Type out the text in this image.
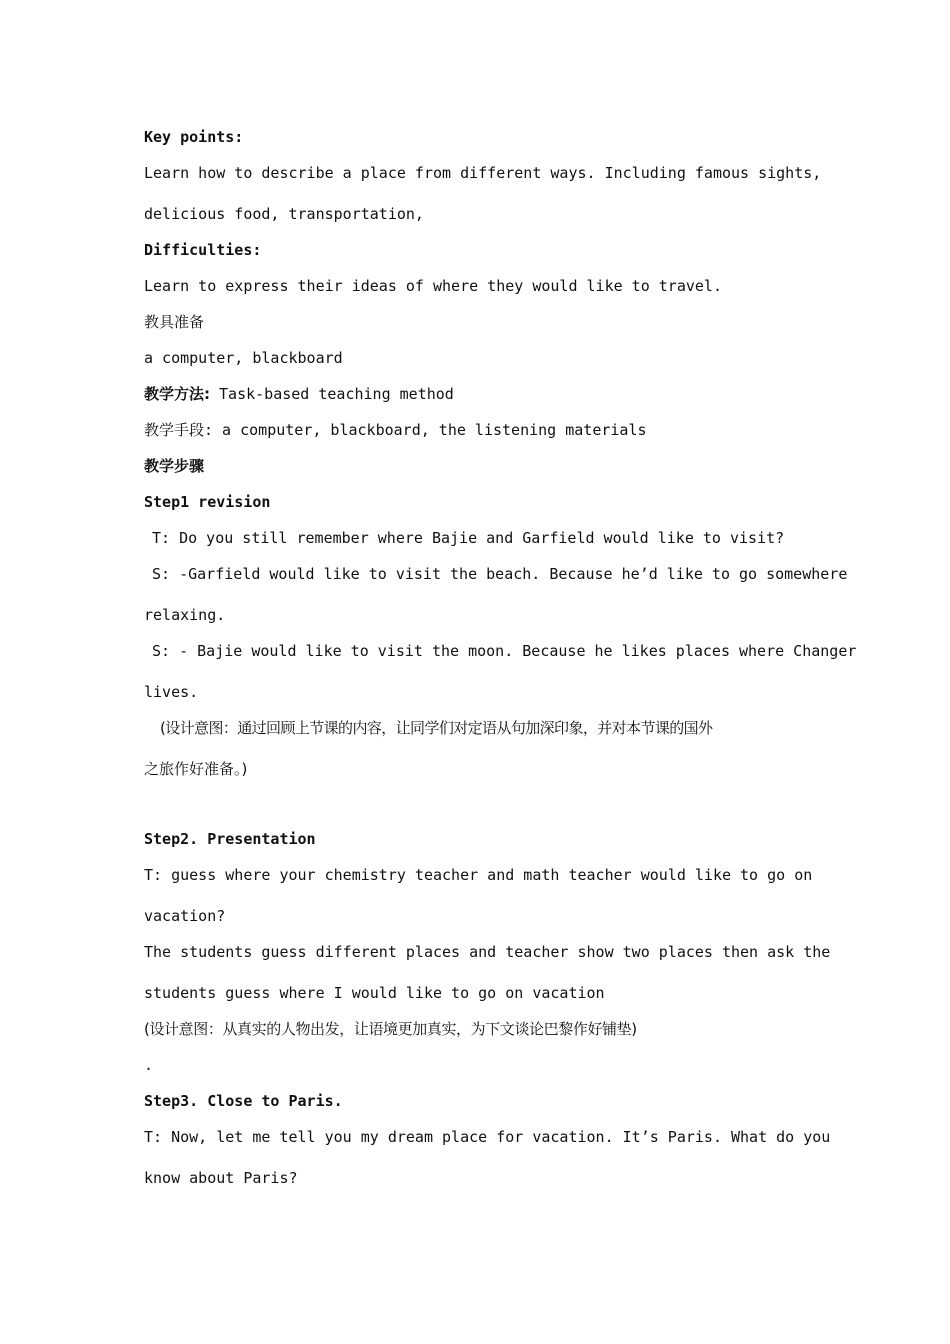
Key points:
Learn how to describe a place from different ways. Including famous sights,
delicious food, transportation,
Difficulties:
Learn to express their ideas of where they would like to travel.
教具准备
a computer, blackboard
教学方法: Task-based teaching method
教学手段: a computer, blackboard, the listening materials
教学步骤
Step1 revision
T: Do you still remember where Bajie and Garfield would like to visit?
S: -Garfield would like to visit the beach. Because he’d like to go somewhere
relaxing.
S: - Bajie would like to visit the moon. Because he likes places where Changer
lives.
(设计意图：通过回顾上节课的内容，让同学们对定语从句加深印象，并对本节课的国外
之旅作好准备。)
Step2. Presentation
T: guess where your chemistry teacher and math teacher would like to go on
vacation?
The students guess different places and teacher show two places then ask the
students guess where I would like to go on vacation
(设计意图：从真实的人物出发，让语境更加真实，为下文谈论巴黎作好铺垫)
.
Step3. Close to Paris.
T: Now, let me tell you my dream place for vacation. It’s Paris. What do you
know about Paris?
